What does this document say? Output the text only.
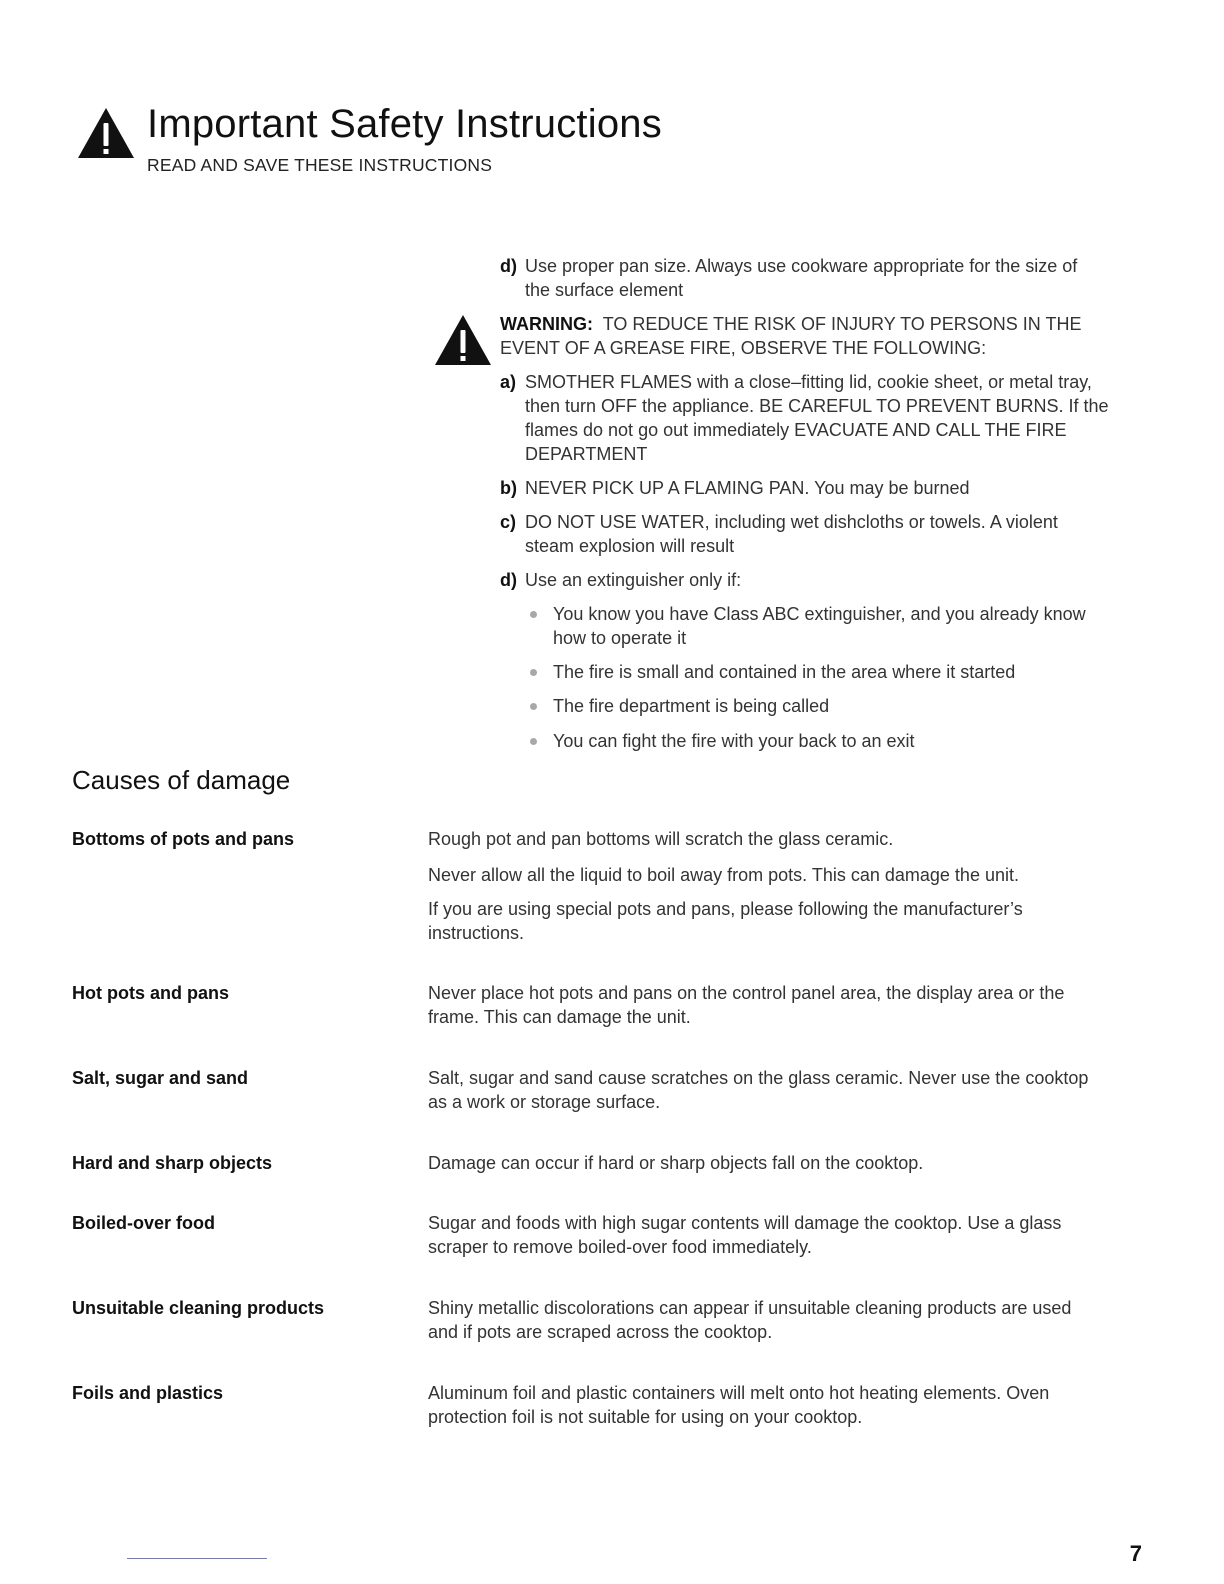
Important Safety Instructions
READ AND SAVE THESE INSTRUCTIONS
d) Use proper pan size. Always use cookware appropriate for the size of
the surface element
WARNING: TO REDUCE THE RISK OF INJURY TO PERSONS IN THE
EVENT OF A GREASE FIRE, OBSERVE THE FOLLOWING:
a) SMOTHER FLAMES with a close–fitting lid, cookie sheet, or metal tray,
then turn OFF the appliance. BE CAREFUL TO PREVENT BURNS. If the
flames do not go out immediately EVACUATE AND CALL THE FIRE
DEPARTMENT
b) NEVER PICK UP A FLAMING PAN. You may be burned
c) DO NOT USE WATER, including wet dishcloths or towels. A violent
steam explosion will result
d) Use an extinguisher only if:
You know you have Class ABC extinguisher, and you already know
how to operate it
The fire is small and contained in the area where it started
The fire department is being called
You can fight the fire with your back to an exit
Causes of damage
Bottoms of pots and pans	Rough pot and pan bottoms will scratch the glass ceramic.
Never allow all the liquid to boil away from pots. This can damage the unit.
If you are using special pots and pans, please following the manufacturer’s
instructions.
Hot pots and pans	Never place hot pots and pans on the control panel area, the display area or the
frame. This can damage the unit.
Salt, sugar and sand	Salt, sugar and sand cause scratches on the glass ceramic. Never use the cooktop
as a work or storage surface.
Hard and sharp objects	Damage can occur if hard or sharp objects fall on the cooktop.
Boiled-over food	Sugar and foods with high sugar contents will damage the cooktop. Use a glass
scraper to remove boiled-over food immediately.
Unsuitable cleaning products	Shiny metallic discolorations can appear if unsuitable cleaning products are used
and if pots are scraped across the cooktop.
Foils and plastics	Aluminum foil and plastic containers will melt onto hot heating elements. Oven
protection foil is not suitable for using on your cooktop.
7
